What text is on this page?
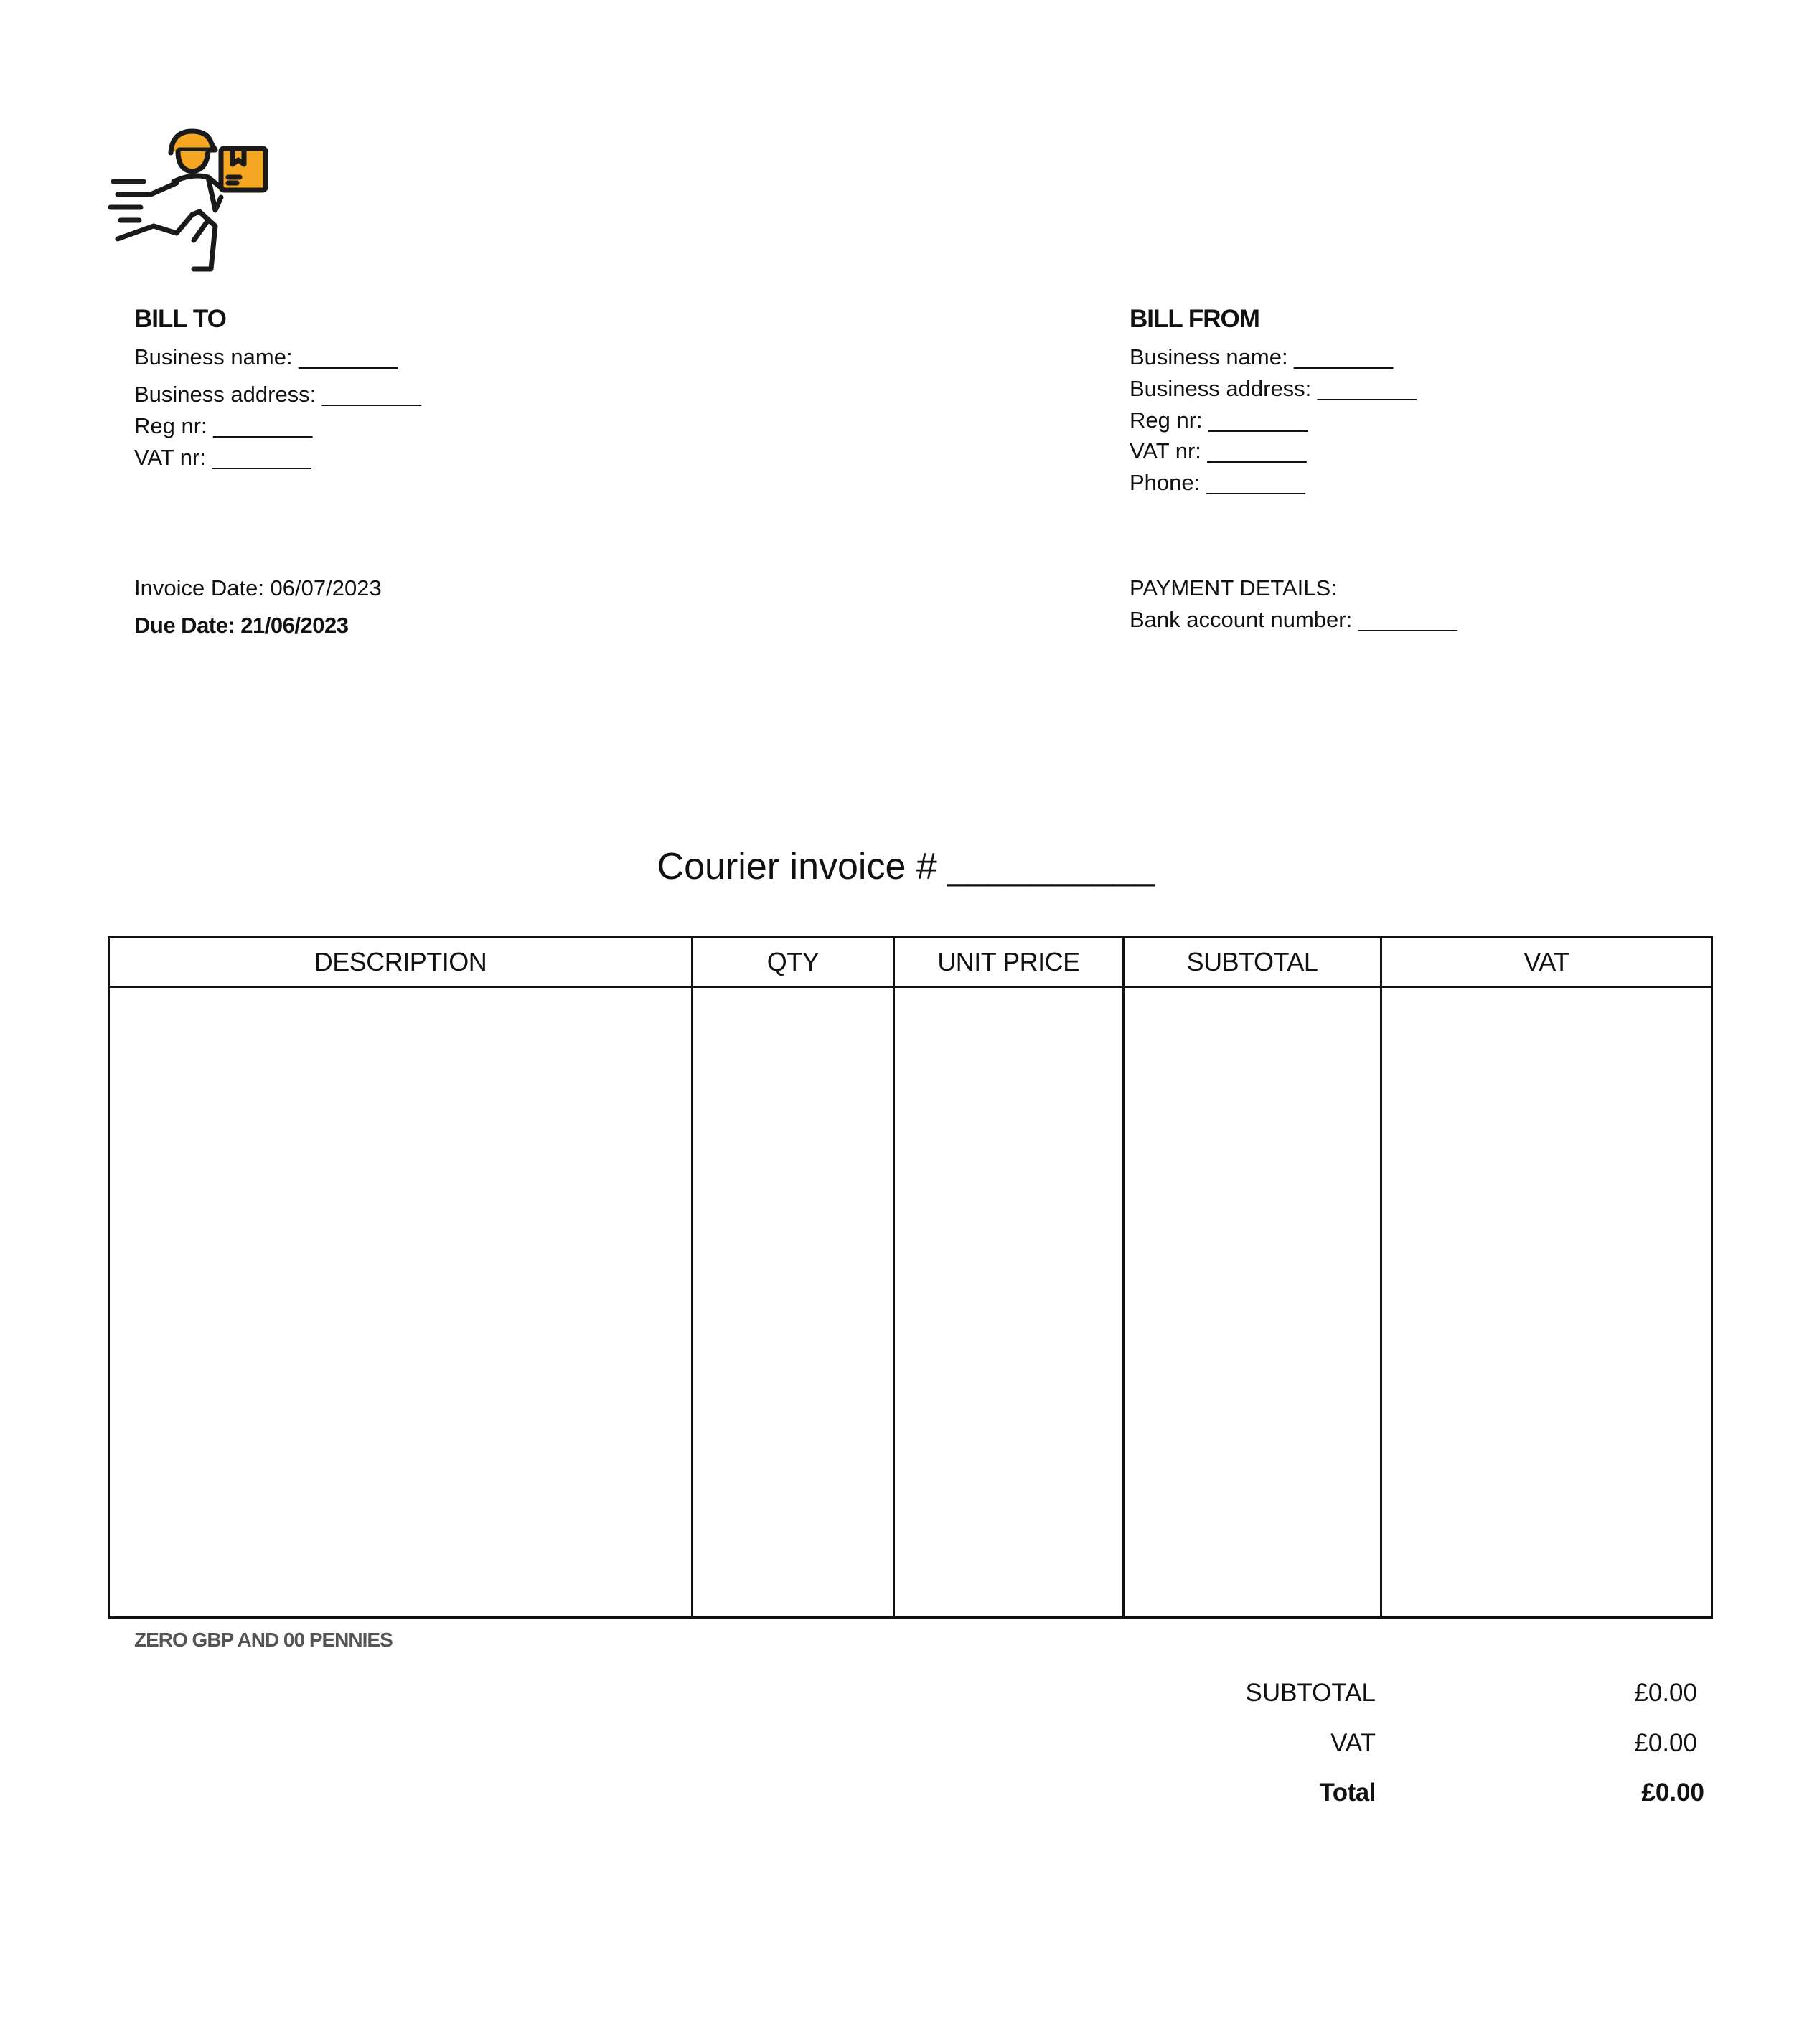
BILL TO
Business name: ________
Business address: ________
Reg nr: ________
VAT nr: ________
BILL FROM
Business name: ________
Business address: ________
Reg nr: ________
VAT nr: ________
Phone: ________
Invoice Date: 06/07/2023
Due Date: 21/06/2023
PAYMENT DETAILS:
Bank account number: ________
Courier invoice # __________
DESCRIPTION	QTY	UNIT PRICE	SUBTOTAL	VAT

ZERO GBP AND 00 PENNIES
SUBTOTAL	£0.00
VAT	£0.00
Total	£0.00
